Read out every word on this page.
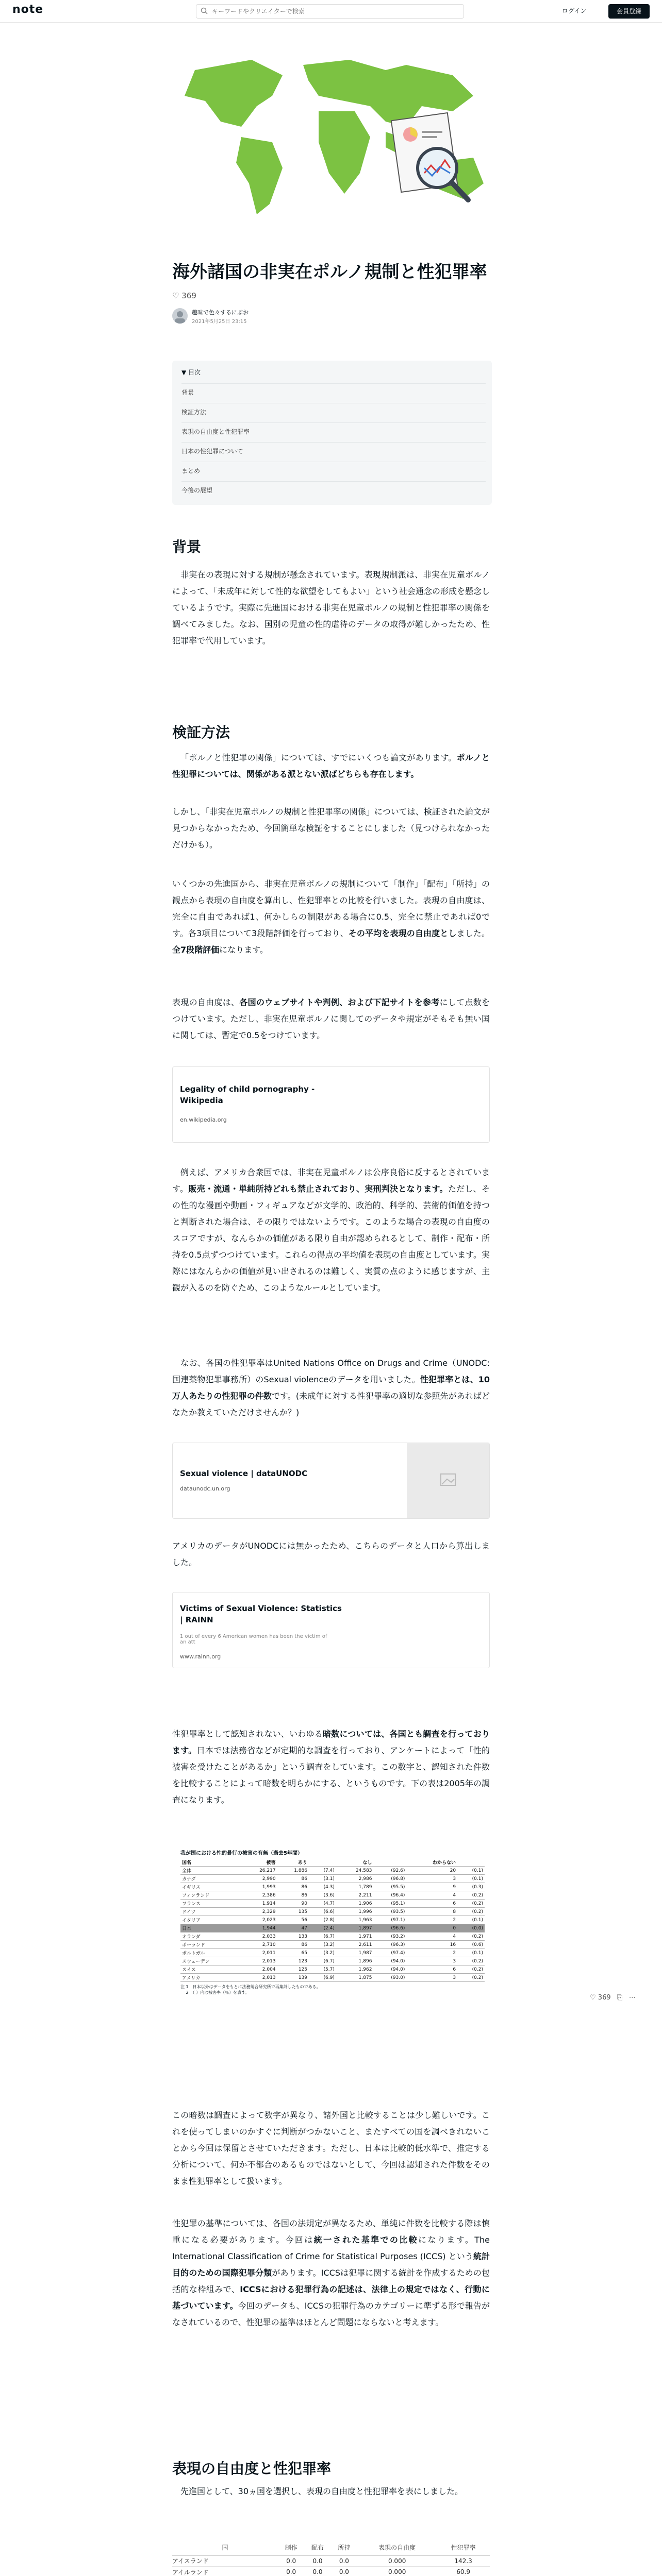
note
キーワードやクリエイターで検索	ログイン	会員登録
海外諸国の非実在ポルノ規制と性犯罪率
♡ 369
趣味で色々するにぶお
2021年5月25日 23:15
▼ 目次
背景
検証方法
表現の自由度と性犯罪率
日本の性犯罪について
まとめ
今後の展望
背景
非実在の表現に対する規制が懸念されています。表現規制派は、非実在児童ポルノによって、「未成年に対して性的な欲望をしてもよい」という社会通念の形成を懸念しているようです。実際に先進国における非実在児童ポルノの規制と性犯罪率の関係を調べてみました。なお、国別の児童の性的虐待のデータの取得が難しかったため、性犯罪率で代用しています。
検証方法
「ポルノと性犯罪の関係」については、すでにいくつも論文があります。ポルノと性犯罪については、関係がある派とない派ばどちらも存在します。
しかし、「非実在児童ポルノの規制と性犯罪率の関係」については、検証された論文が見つからなかったため、今回簡単な検証をすることにしました（見つけられなかっただけかも）。
いくつかの先進国から、非実在児童ポルノの規制について「制作」「配布」「所持」の観点から表現の自由度を算出し、性犯罪率との比較を行いました。表現の自由度は、完全に自由であれば1、何かしらの制限がある場合に0.5、完全に禁止であれば0です。各3項目について3段階評価を行っており、その平均を表現の自由度としました。全7段階評価になります。
表現の自由度は、各国のウェブサイトや判例、および下記サイトを参考にして点数をつけています。ただし、非実在児童ポルノに関してのデータや規定がそもそも無い国に関しては、暫定で0.5をつけています。
Legality of child pornography - Wikipedia
en.wikipedia.org
例えば、アメリカ合衆国では、非実在児童ポルノは公序良俗に反するとされています。販売・流通・単純所持どれも禁止されており、実刑判決となります。ただし、その性的な漫画や動画・フィギュアなどが文学的、政治的、科学的、芸術的価値を持つと判断された場合は、その限りではないようです。このような場合の表現の自由度のスコアですが、なんらかの価値がある限り自由が認められるとして、制作・配布・所持を0.5点ずつつけています。これらの得点の平均値を表現の自由度としています。実際にはなんらかの価値が見い出されるのは難しく、実質の点のように感じますが、主観が入るのを防ぐため、このようなルールとしています。
なお、各国の性犯罪率はUnited Nations Office on Drugs and Crime（UNODC: 国連薬物犯罪事務所）のSexual violenceのデータを用いました。性犯罪率とは、10万人あたりの性犯罪の件数です。(未成年に対する性犯罪率の適切な参照先があればどなたか教えていただけませんか？)
Sexual violence | dataUNODC
dataunodc.un.org
アメリカのデータがUNODCには無かったため、こちらのデータと人口から算出しました。
Victims of Sexual Violence: Statistics | RAINN
1 out of every 6 American women has been the victim of an att
www.rainn.org
性犯罪率として認知されない、いわゆる暗数については、各国とも調査を行っております。日本では法務省などが定期的な調査を行っており、アンケートによって「性的被害を受けたことがあるか」という調査をしています。この数字と、認知された件数を比較することによって暗数を明らかにする、というものです。下の表は2005年の調査になります。
我が国における性的暴行の被害の有無（過去5年間）
国名	被害	あり		なし		わからない	
全体	26,217	1,886	(7.4)	24,583	(92.6)	20	(0.1)
カナダ	2,990	86	(3.1)	2,986	(96.8)	3	(0.1)
イギリス	1,993	86	(4.3)	1,789	(95.5)	9	(0.3)
フィンランド	2,386	86	(3.6)	2,211	(96.4)	4	(0.2)
フランス	1,914	90	(4.7)	1,906	(95.1)	6	(0.2)
ドイツ	2,329	135	(6.6)	1,996	(93.5)	8	(0.2)
イタリア	2,023	56	(2.8)	1,963	(97.1)	2	(0.1)
日本	1,944	47	(2.4)	1,897	(96.6)	0	(0.0)
オランダ	2,033	133	(6.7)	1,971	(93.2)	4	(0.2)
ポーランド	2,710	86	(3.2)	2,611	(96.3)	16	(0.6)
ポルトガル	2,011	65	(3.2)	1,987	(97.4)	2	(0.1)
スウェーデン	2,013	123	(6.7)	1,896	(94.0)	3	(0.2)
スイス	2,004	125	(5.7)	1,962	(94.0)	6	(0.2)
アメリカ	2,013	139	(6.9)	1,875	(93.0)	3	(0.2)
注 1　日本以外はデータをもとに法務総合研究所で再集計したものである。
　 2　（ ）内は被害率（％）を表す。
♡ 369   ⎘   ⋯
この暗数は調査によって数字が異なり、諸外国と比較することは少し難しいです。これを使ってしまいのかすぐに判断がつかないこと、またすべての国を調べきれないことから今回は保留とさせていただきます。ただし、日本は比較的低水準で、推定する分析について、何か不都合のあるものではないとして、今回は認知された件数をそのまま性犯罪率として扱います。
性犯罪の基準については、各国の法規定が異なるため、単純に件数を比較する際は慎重になる必要があります。今回は統一された基準での比較になります。The International Classification of Crime for Statistical Purposes (ICCS) という統計目的のための国際犯罪分類があります。ICCSは犯罪に関する統計を作成するための包括的な枠組みで、ICCSにおける犯罪行為の記述は、法律上の規定ではなく、行動に基づいています。今回のデータも、ICCSの犯罪行為のカテゴリーに準ずる形で報告がなされているので、性犯罪の基準はほとんど問題にならないと考えます。
表現の自由度と性犯罪率
先進国として、30ヵ国を選択し、表現の自由度と性犯罪率を表にしました。
国	制作	配布	所持	表現の自由度	性犯罪率
アイスランド	0.0	0.0	0.0	0.000	142.3
アイルランド	0.0	0.0	0.0	0.000	60.9
